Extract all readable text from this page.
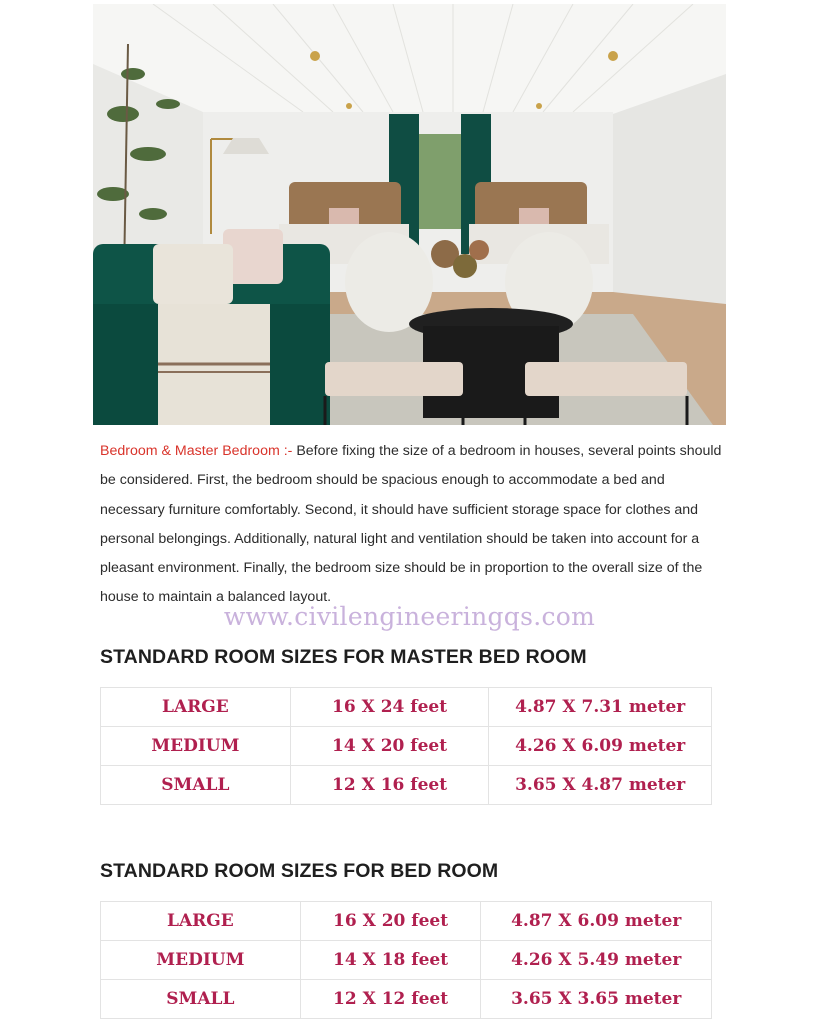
Bedroom & Master Bedroom :- Before fixing the size of a bedroom in houses, several points should be considered. First, the bedroom should be spacious enough to accommodate a bed and necessary furniture comfortably. Second, it should have sufficient storage space for clothes and personal belongings. Additionally, natural light and ventilation should be taken into account for a pleasant environment. Finally, the bedroom size should be in proportion to the overall size of the house to maintain a balanced layout.

www.civilengineeringqs.com
STANDARD ROOM SIZES FOR MASTER BED ROOM
LARGE	16 X 24 feet	4.87 X 7.31 meter
MEDIUM	14 X 20 feet	4.26 X 6.09 meter
SMALL	12 X 16 feet	3.65 X 4.87 meter
STANDARD ROOM SIZES FOR BED ROOM
LARGE	16 X 20 feet	4.87 X 6.09 meter
MEDIUM	14 X 18 feet	4.26 X 5.49 meter
SMALL	12 X 12 feet	3.65 X 3.65 meter
